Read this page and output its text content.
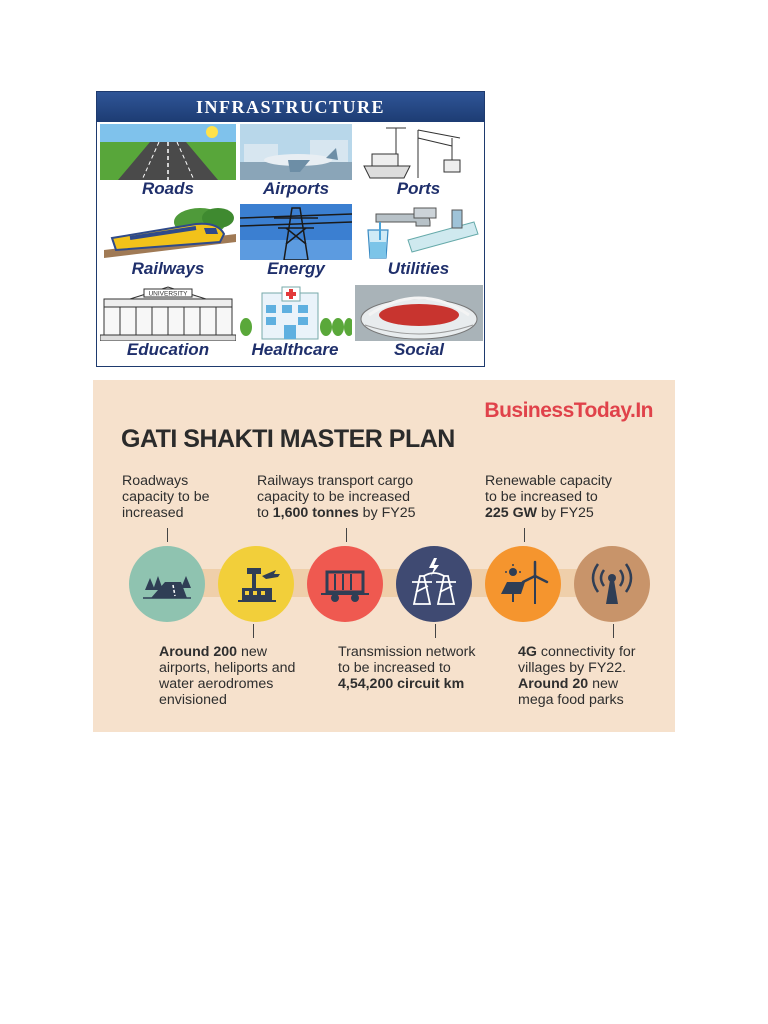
INFRASTRUCTURE
Roads	Airports	Ports
Railways	Energy	Utilities
UNIVERSITY
Education	Healthcare	Social
BusinessToday.In
GATI SHAKTI MASTER PLAN
Roadways
capacity to be
increased
Railways transport cargo
capacity to be increased
to 1,600 tonnes by FY25
Renewable capacity
to be increased to
225 GW by FY25
Around 200 new
airports, heliports and
water aerodromes
envisioned
Transmission network
to be increased to
4,54,200 circuit km
4G connectivity for
villages by FY22.
Around 20 new
mega food parks
